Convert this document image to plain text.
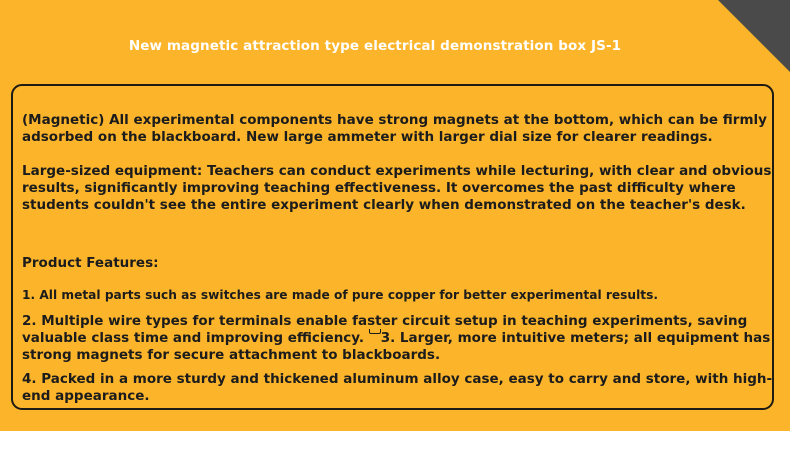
New magnetic attraction type electrical demonstration box JS-1

(Magnetic) All experimental components have strong magnets at the bottom, which can be firmly adsorbed on the blackboard. New large ammeter with larger dial size for clearer readings.

Large-sized equipment: Teachers can conduct experiments while lecturing, with clear and obvious results, significantly improving teaching effectiveness. It overcomes the past difficulty where students couldn't see the entire experiment clearly when demonstrated on the teacher's desk.

Product Features:

1. All metal parts such as switches are made of pure copper for better experimental results.

2. Multiple wire types for terminals enable faster circuit setup in teaching experiments, saving valuable class time and improving efficiency. 3. Larger, more intuitive meters; all equipment has strong magnets for secure attachment to blackboards.

4. Packed in a more sturdy and thickened aluminum alloy case, easy to carry and store, with high-end appearance.
